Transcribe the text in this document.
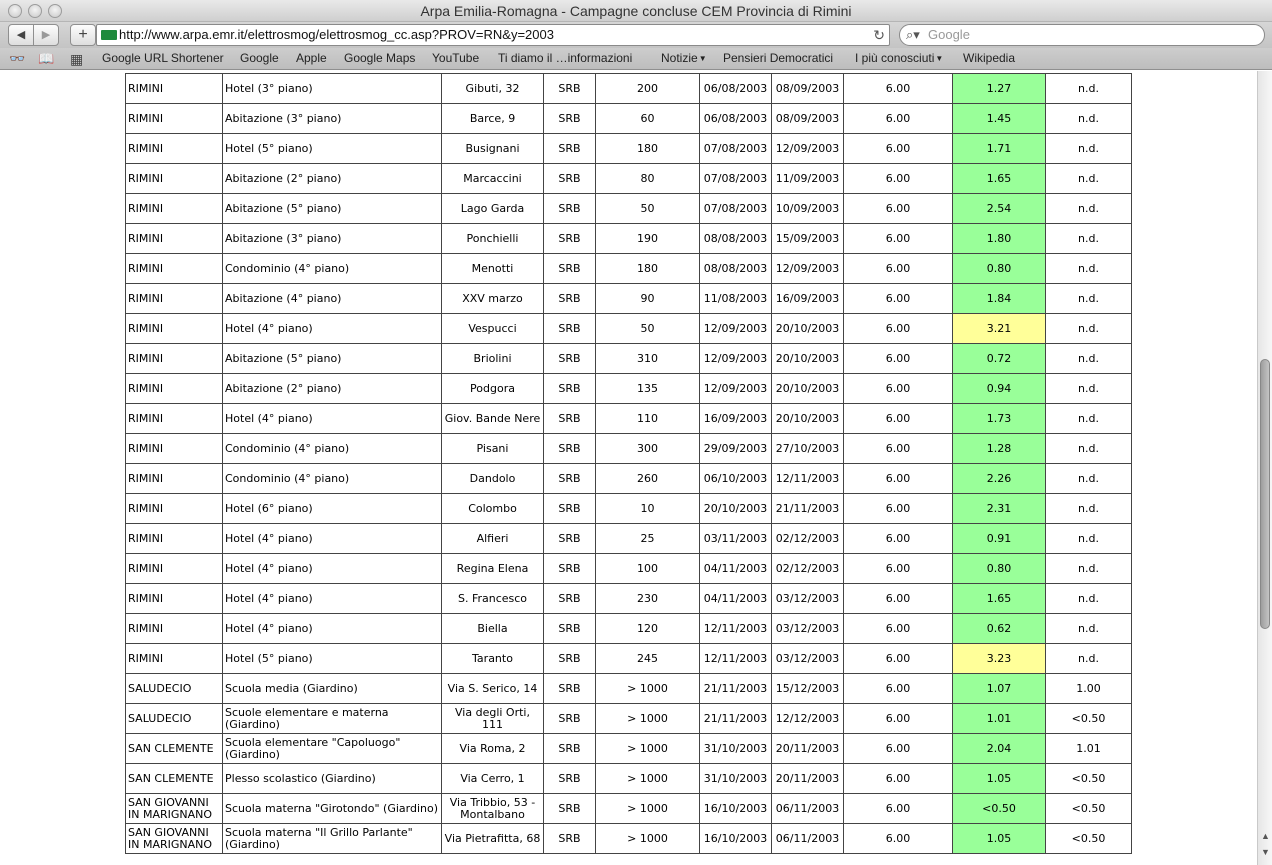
Arpa Emilia-Romagna - Campagne concluse CEM Provincia di Rimini
◀	▶	+	http://www.arpa.emr.it/elettrosmog/elettrosmog_cc.asp?PROV=RN&y=2003	↻ ⌕▾ Google
👓 📖 ▦ Google URL Shortener Google Apple Google Maps YouTube Ti diamo il …informazioni Notizie▼ Pensieri Democratici I più conosciuti▼ Wikipedia
RIMINI	Hotel (3° piano)	Gibuti, 32	SRB	200	06/08/2003	08/09/2003	6.00	1.27	n.d.
RIMINI	Abitazione (3° piano)	Barce, 9	SRB	60	06/08/2003	08/09/2003	6.00	1.45	n.d.
RIMINI	Hotel (5° piano)	Busignani	SRB	180	07/08/2003	12/09/2003	6.00	1.71	n.d.
RIMINI	Abitazione (2° piano)	Marcaccini	SRB	80	07/08/2003	11/09/2003	6.00	1.65	n.d.
RIMINI	Abitazione (5° piano)	Lago Garda	SRB	50	07/08/2003	10/09/2003	6.00	2.54	n.d.
RIMINI	Abitazione (3° piano)	Ponchielli	SRB	190	08/08/2003	15/09/2003	6.00	1.80	n.d.
RIMINI	Condominio (4° piano)	Menotti	SRB	180	08/08/2003	12/09/2003	6.00	0.80	n.d.
RIMINI	Abitazione (4° piano)	XXV marzo	SRB	90	11/08/2003	16/09/2003	6.00	1.84	n.d.
RIMINI	Hotel (4° piano)	Vespucci	SRB	50	12/09/2003	20/10/2003	6.00	3.21	n.d.
RIMINI	Abitazione (5° piano)	Briolini	SRB	310	12/09/2003	20/10/2003	6.00	0.72	n.d.
RIMINI	Abitazione (2° piano)	Podgora	SRB	135	12/09/2003	20/10/2003	6.00	0.94	n.d.
RIMINI	Hotel (4° piano)	Giov. Bande Nere	SRB	110	16/09/2003	20/10/2003	6.00	1.73	n.d.
RIMINI	Condominio (4° piano)	Pisani	SRB	300	29/09/2003	27/10/2003	6.00	1.28	n.d.
RIMINI	Condominio (4° piano)	Dandolo	SRB	260	06/10/2003	12/11/2003	6.00	2.26	n.d.
RIMINI	Hotel (6° piano)	Colombo	SRB	10	20/10/2003	21/11/2003	6.00	2.31	n.d.
RIMINI	Hotel (4° piano)	Alfieri	SRB	25	03/11/2003	02/12/2003	6.00	0.91	n.d.
RIMINI	Hotel (4° piano)	Regina Elena	SRB	100	04/11/2003	02/12/2003	6.00	0.80	n.d.
RIMINI	Hotel (4° piano)	S. Francesco	SRB	230	04/11/2003	03/12/2003	6.00	1.65	n.d.
RIMINI	Hotel (4° piano)	Biella	SRB	120	12/11/2003	03/12/2003	6.00	0.62	n.d.
RIMINI	Hotel (5° piano)	Taranto	SRB	245	12/11/2003	03/12/2003	6.00	3.23	n.d.
SALUDECIO	Scuola media (Giardino)	Via S. Serico, 14	SRB	> 1000	21/11/2003	15/12/2003	6.00	1.07	1.00
SALUDECIO	Scuole elementare e materna (Giardino)	Via degli Orti, 111	SRB	> 1000	21/11/2003	12/12/2003	6.00	1.01	<0.50
SAN CLEMENTE	Scuola elementare "Capoluogo" (Giardino)	Via Roma, 2	SRB	> 1000	31/10/2003	20/11/2003	6.00	2.04	1.01
SAN CLEMENTE	Plesso scolastico (Giardino)	Via Cerro, 1	SRB	> 1000	31/10/2003	20/11/2003	6.00	1.05	<0.50
SAN GIOVANNI IN MARIGNANO	Scuola materna "Girotondo" (Giardino)	Via Tribbio, 53 - Montalbano	SRB	> 1000	16/10/2003	06/11/2003	6.00	<0.50	<0.50
SAN GIOVANNI IN MARIGNANO	Scuola materna "Il Grillo Parlante" (Giardino)	Via Pietrafitta, 68	SRB	> 1000	16/10/2003	06/11/2003	6.00	1.05	<0.50	▲
▼
